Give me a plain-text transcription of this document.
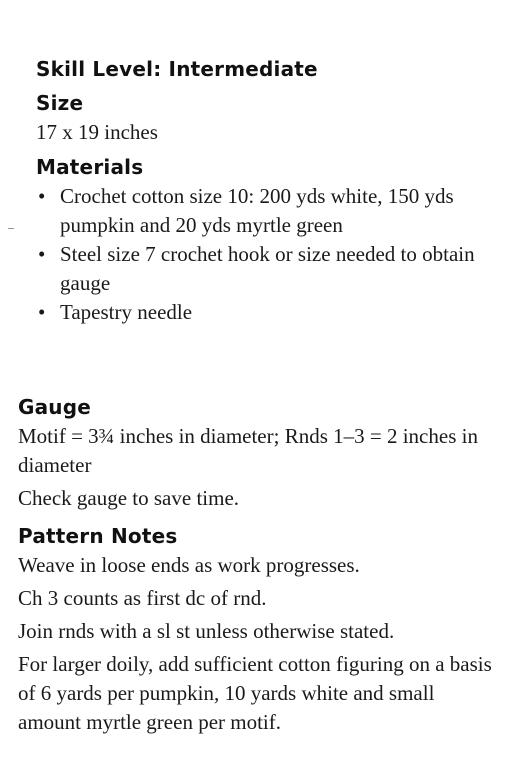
Skill Level: Intermediate
Size

17 x 19 inches

Materials
• Crochet cotton size 10: 200 yds white, 150 yds pumpkin and 20 yds myrtle green
• Steel size 7 crochet hook or size needed to obtain gauge
• Tapestry needle
Gauge

Motif = 3¾ inches in diameter; Rnds 1–3 = 2 inches in diameter

Check gauge to save time.

Pattern Notes

Weave in loose ends as work progresses.

Ch 3 counts as first dc of rnd.

Join rnds with a sl st unless otherwise stated.

For larger doily, add sufficient cotton figuring on a basis of 6 yards per pumpkin, 10 yards white and small amount myrtle green per motif.
